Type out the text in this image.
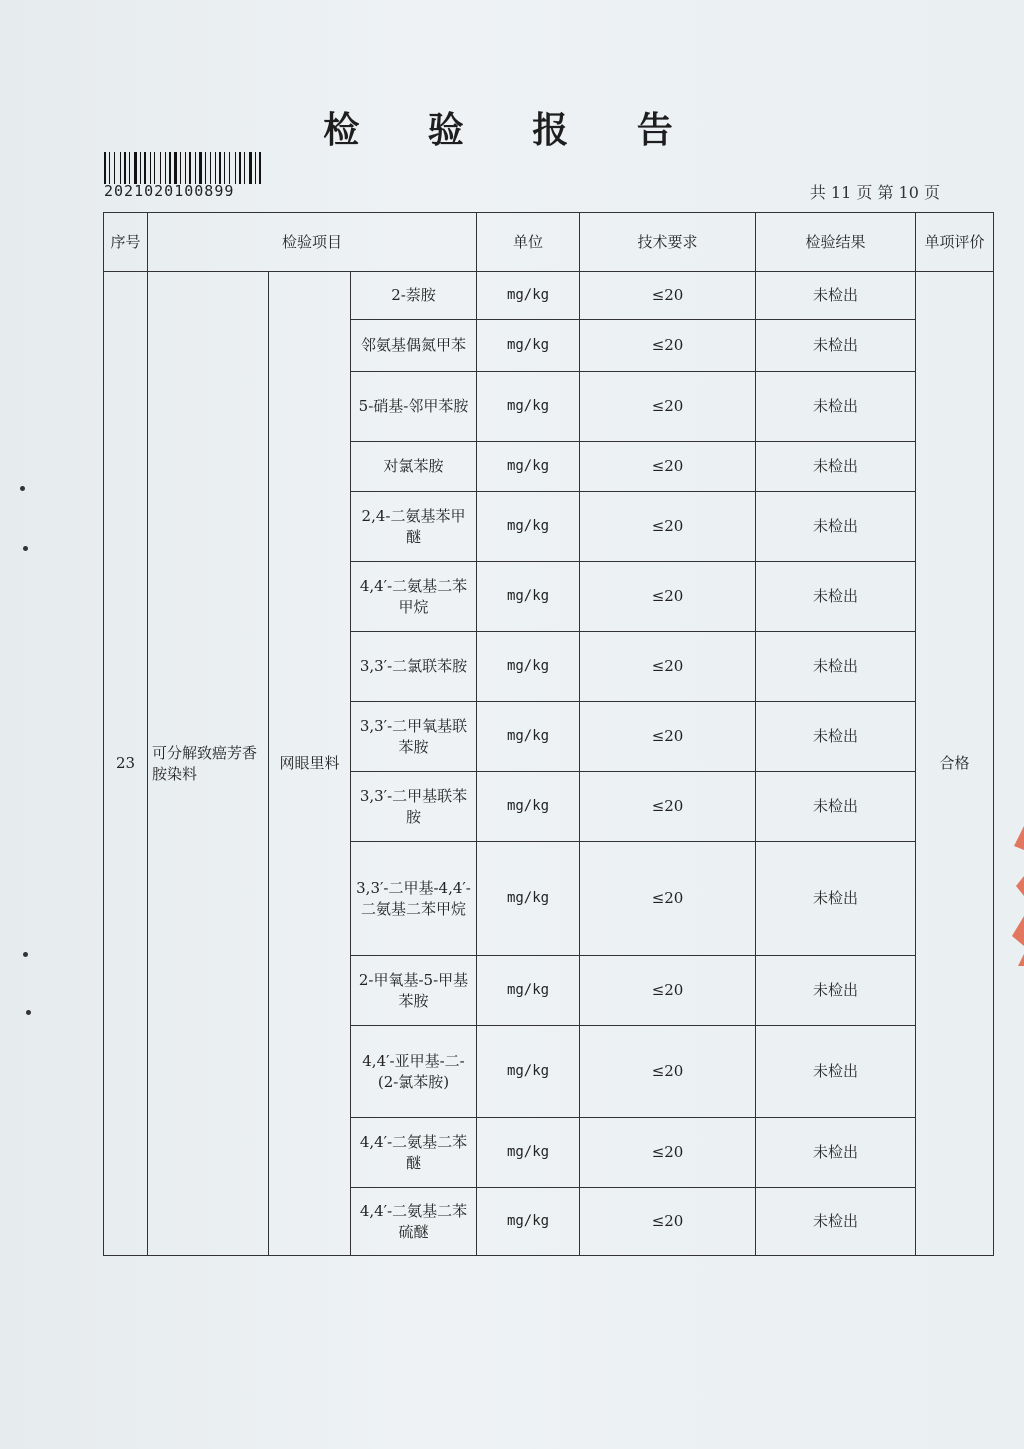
检 验 报 告
2021020100899	共 11 页 第 10 页
序号	检验项目			单位	技术要求	检验结果	单项评价
23	可分解致癌芳香胺染料	网眼里料	2-萘胺	mg/kg	≤20	未检出	合格
			邻氨基偶氮甲苯	mg/kg	≤20	未检出	
			5-硝基-邻甲苯胺	mg/kg	≤20	未检出	
			对氯苯胺	mg/kg	≤20	未检出	
			2,4-二氨基苯甲醚	mg/kg	≤20	未检出	
			4,4′-二氨基二苯甲烷	mg/kg	≤20	未检出	
			3,3′-二氯联苯胺	mg/kg	≤20	未检出	
			3,3′-二甲氧基联苯胺	mg/kg	≤20	未检出	
			3,3′-二甲基联苯胺	mg/kg	≤20	未检出	
			3,3′-二甲基-4,4′-二氨基二苯甲烷	mg/kg	≤20	未检出	
			2-甲氧基-5-甲基苯胺	mg/kg	≤20	未检出	
			4,4′-亚甲基-二-(2-氯苯胺)	mg/kg	≤20	未检出	
			4,4′-二氨基二苯醚	mg/kg	≤20	未检出	
			4,4′-二氨基二苯硫醚	mg/kg	≤20	未检出	
